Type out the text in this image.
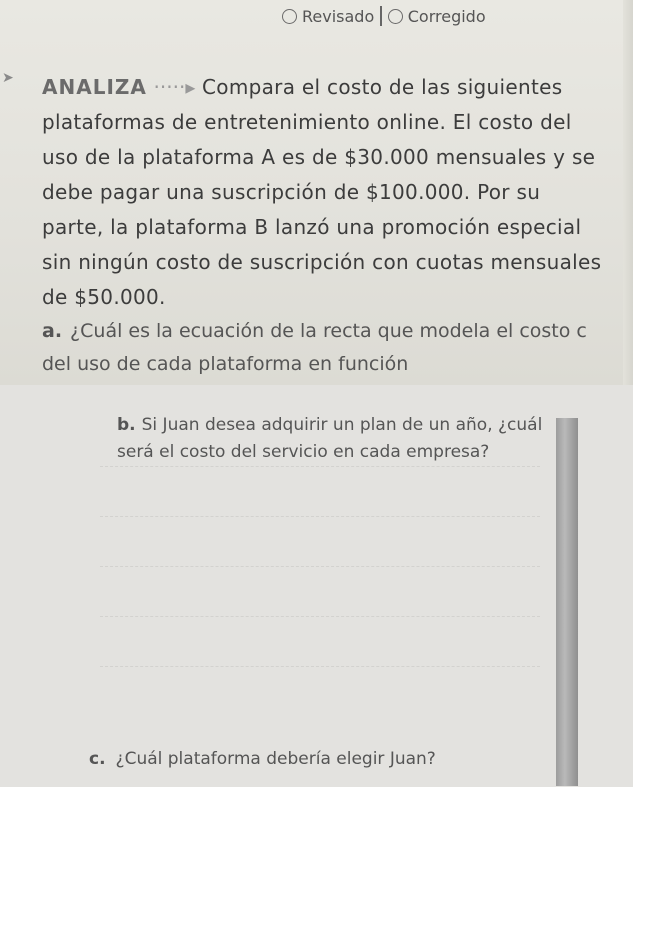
Revisado Corregido
➤ ANALIZA ·····▸ Compara el costo de las siguientes plataformas de entretenimiento online. El costo del uso de la plataforma A es de $30.000 mensuales y se debe pagar una suscripción de $100.000. Por su parte, la plataforma B lanzó una promoción especial sin ningún costo de suscripción con cuotas mensuales de $50.000.
a. ¿Cuál es la ecuación de la recta que modela el costo c del uso de cada plataforma en función
b. Si Juan desea adquirir un plan de un año, ¿cuál será el costo del servicio en cada empresa?
c. ¿Cuál plataforma debería elegir Juan?
